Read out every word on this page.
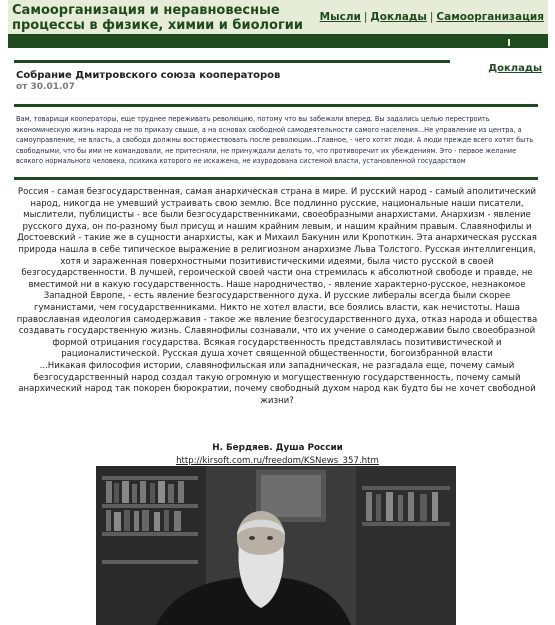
Самоорганизация и неравновесные процессы в физике, химии и биологии
Мысли | Доклады | Самоорганизация
Собрание Дмитровского союза кооператоров
от 30.01.07
Доклады
Вам, товарищи кооператоры, еще труднее переживать революцию, потому что вы забежали вперед. Вы задались целью перестроить экономическую жизнь народа не по приказу свыше, а на основах свободной самодеятельности самого населения...Не управление из центра, а самоуправление, не власть, а свобода должны восторжествовать после революции...Главное, - чего хотят люди. А люди прежде всего хотят быть свободными, что бы ими не командовали, не притесняли, не принуждали делать то, что противоречит их убеждениям. Это - первое желание всякого нормального человека, психика которого не искажена, не изуродована системой власти, установленной государством
Россия - самая безгосударственная, самая анархическая страна в мире. И русский народ - самый аполитический народ, никогда не умевший устраивать свою землю. Все подлинно русские, национальные наши писатели, мыслители, публицисты - все были безгосударственниками, своеобразными анархистами. Анархизм - явление русского духа, он по-разному был присущ и нашим крайним левым, и нашим крайним правым. Славянофилы и Достоевский - такие же в сущности анархисты, как и Михаил Бакунин или Кропоткин. Эта анархическая русская природа нашла в себе типическое выражение в религиозном анархизме Льва Толстого. Русская интеллигенция, хотя и зараженная поверхностными позитивистическими идеями, была чисто русской в своей безгосударственности. В лучшей, героической своей части она стремилась к абсолютной свободе и правде, не вместимой ни в какую государственность. Наше народничество, - явление характерно-русское, незнакомое Западной Европе, - есть явление безгосударственного духа. И русские либералы всегда были скорее гуманистами, чем государственниками. Никто не хотел власти, все боялись власти, как нечистоты. Наша православная идеология самодержавия - такое же явление безгосударственного духа, отказ народа и общества создавать государственную жизнь. Славянофилы сознавали, что их учение о самодержавии было своеобразной формой отрицания государства. Всякая государственность представлялась позитивистической и рационалистической. Русская душа хочет священной общественности, богоизбранной власти
...Никакая философия истории, славянофильская или западническая, не разгадала еще, почему самый безгосударственный народ создал такую огромную и могущественную государственность, почему самый анархический народ так покорен бюрократии, почему свободный духом народ как будто бы не хочет свободной жизни?
Н. Бердяев. Душа России
http://kirsoft.com.ru/freedom/KSNews_357.htm
